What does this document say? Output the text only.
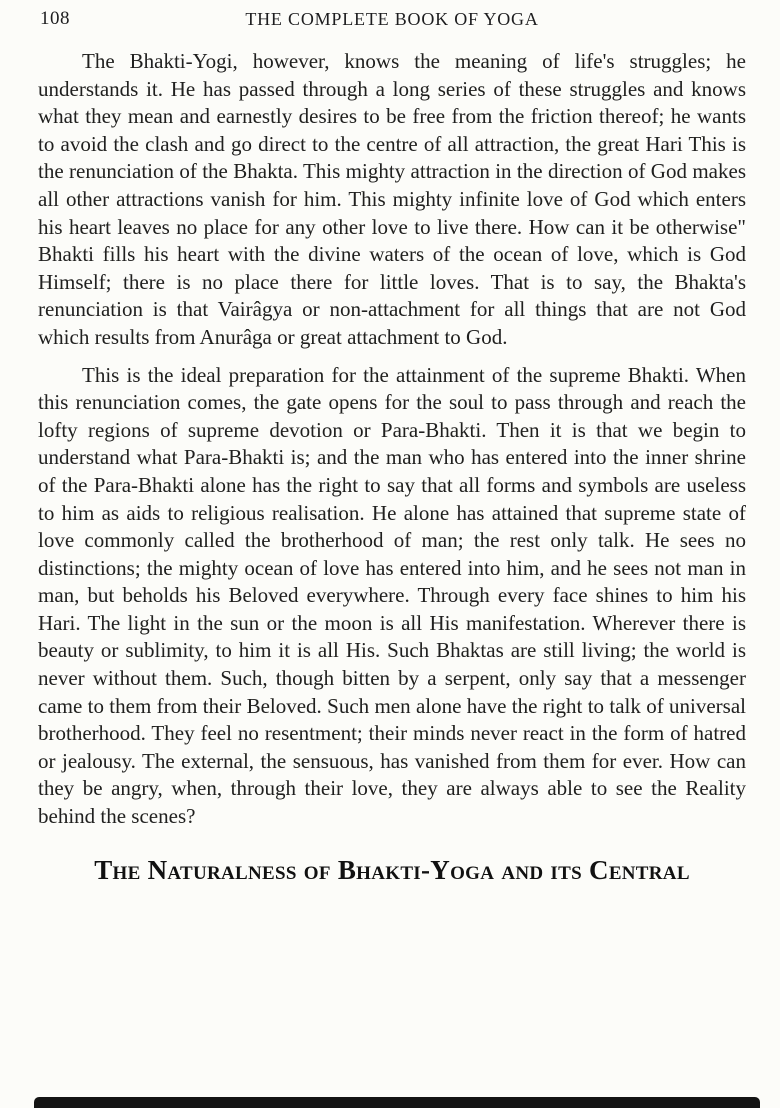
108	THE COMPLETE BOOK OF YOGA

The Bhakti-Yogi, however, knows the meaning of life's struggles; he understands it. He has passed through a long series of these struggles and knows what they mean and earnestly desires to be free from the friction thereof; he wants to avoid the clash and go direct to the centre of all attraction, the great Hari This is the renunciation of the Bhakta. This mighty attraction in the direction of God makes all other attractions vanish for him. This mighty infinite love of God which enters his heart leaves no place for any other love to live there. How can it be otherwise" Bhakti fills his heart with the divine waters of the ocean of love, which is God Himself; there is no place there for little loves. That is to say, the Bhakta's renunciation is that Vairâgya or non-attachment for all things that are not God which results from Anurâga or great attachment to God.

This is the ideal preparation for the attainment of the supreme Bhakti. When this renunciation comes, the gate opens for the soul to pass through and reach the lofty regions of supreme devotion or Para-Bhakti. Then it is that we begin to understand what Para-Bhakti is; and the man who has entered into the inner shrine of the Para-Bhakti alone has the right to say that all forms and symbols are useless to him as aids to religious realisation. He alone has attained that supreme state of love commonly called the brotherhood of man; the rest only talk. He sees no distinctions; the mighty ocean of love has entered into him, and he sees not man in man, but beholds his Beloved everywhere. Through every face shines to him his Hari. The light in the sun or the moon is all His manifestation. Wherever there is beauty or sublimity, to him it is all His. Such Bhaktas are still living; the world is never without them. Such, though bitten by a serpent, only say that a messenger came to them from their Beloved. Such men alone have the right to talk of universal brotherhood. They feel no resentment; their minds never react in the form of hatred or jealousy. The external, the sensuous, has vanished from them for ever. How can they be angry, when, through their love, they are always able to see the Reality behind the scenes?

The Naturalness of Bhakti-Yoga and its Central
